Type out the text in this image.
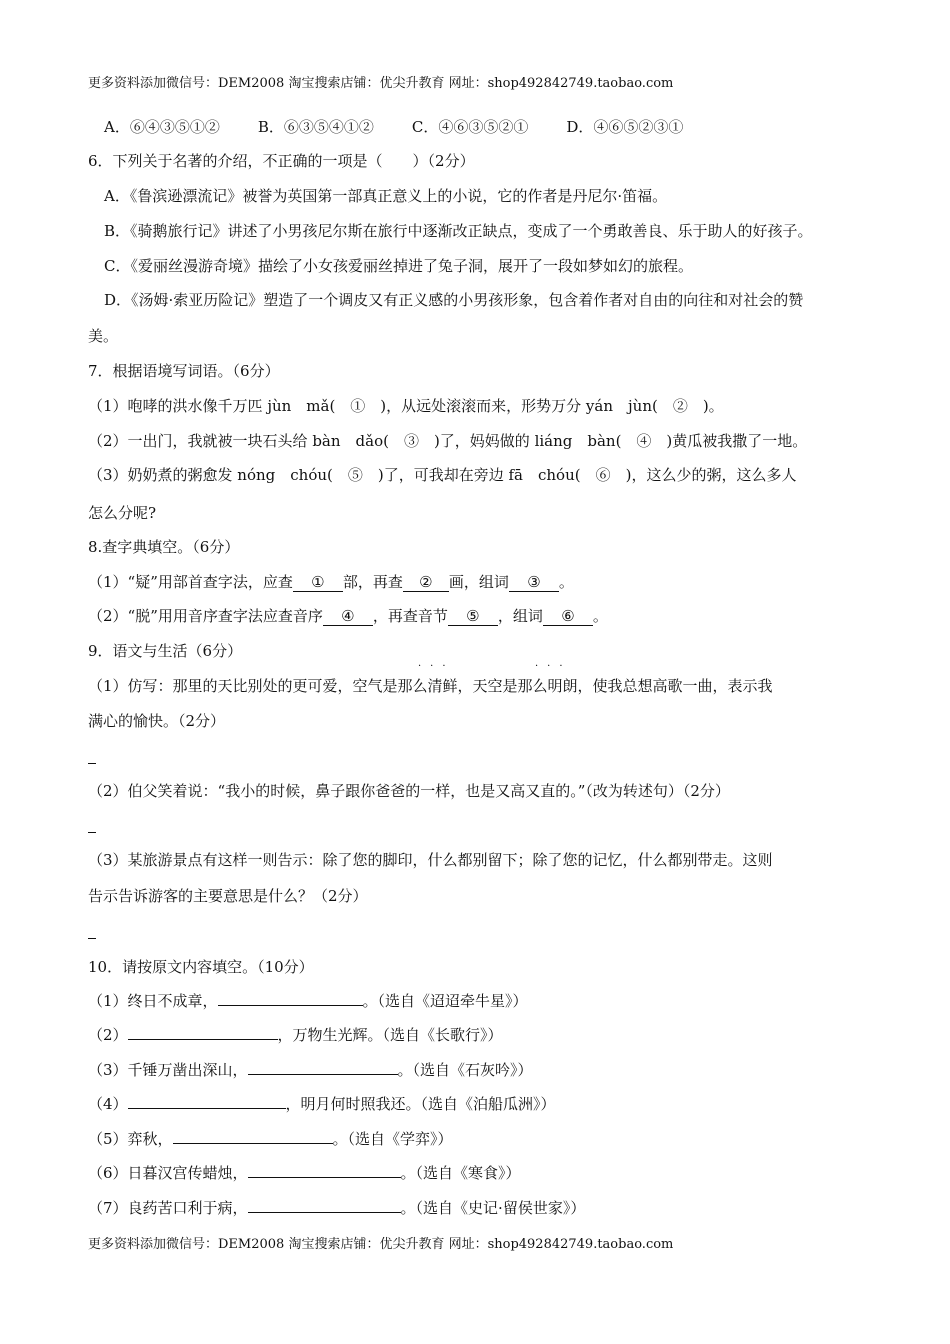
更多资料添加微信号：DEM2008 淘宝搜索店铺：优尖升教育 网址：shop492842749.taobao.com
A．⑥④③⑤①②	B．⑥③⑤④①②	C．④⑥③⑤②①	D．④⑥⑤②③①
6．下列关于名著的介绍，不正确的一项是（　　）（2分）
A．《鲁滨逊漂流记》被誉为英国第一部真正意义上的小说，它的作者是丹尼尔·笛福。
B．《骑鹅旅行记》讲述了小男孩尼尔斯在旅行中逐渐改正缺点，变成了一个勇敢善良、乐于助人的好孩子。
C．《爱丽丝漫游奇境》描绘了小女孩爱丽丝掉进了兔子洞，展开了一段如梦如幻的旅程。
D．《汤姆·索亚历险记》塑造了一个调皮又有正义感的小男孩形象，包含着作者对自由的向往和对社会的赞
美。
7．根据语境写词语。（6分）
（1）咆哮的洪水像千万匹 jùn　mǎ(　①　)，从远处滚滚而来，形势万分 yán　jùn(　②　)。
（2）一出门，我就被一块石头给 bàn　dǎo(　③　)了，妈妈做的 liáng　bàn(　④　)黄瓜被我撒了一地。
（3）奶奶煮的粥愈发 nóng　chóu(　⑤　)了，可我却在旁边 fā　chóu(　⑥　)，这么少的粥，这么多人
怎么分呢?
8.查字典填空。（6分）
（1）“疑”用部首查字法，应查 ① 部，再查 ② 画，组词 ③ 。
（2）“脱”用用音序查字法应查音序 ④ ，再查音节 ⑤ ，组词 ⑥ 。
9．语文与生活（6分）
···	···
（1）仿写：那里的天比别处的更可爱，空气是那么清鲜，天空是那么明朗，使我总想高歌一曲，表示我
满心的愉快。（2分）
（2）伯父笑着说：“我小的时候，鼻子跟你爸爸的一样，也是又高又直的。”（改为转述句）（2分）
（3）某旅游景点有这样一则告示：除了您的脚印，什么都别留下；除了您的记忆，什么都别带走。这则
告示告诉游客的主要意思是什么？（2分）
10．请按原文内容填空。（10分）
（1）终日不成章，	。（选自《迢迢牵牛星》）
（2）	，万物生光辉。（选自《长歌行》）
（3）千锤万凿出深山，	。（选自《石灰吟》）
（4）	，明月何时照我还。（选自《泊船瓜洲》）
（5）弈秋，	。（选自《学弈》）
（6）日暮汉宫传蜡烛，	。（选自《寒食》）
（7）良药苦口利于病，	。（选自《史记·留侯世家》）
更多资料添加微信号：DEM2008 淘宝搜索店铺：优尖升教育 网址：shop492842749.taobao.com
